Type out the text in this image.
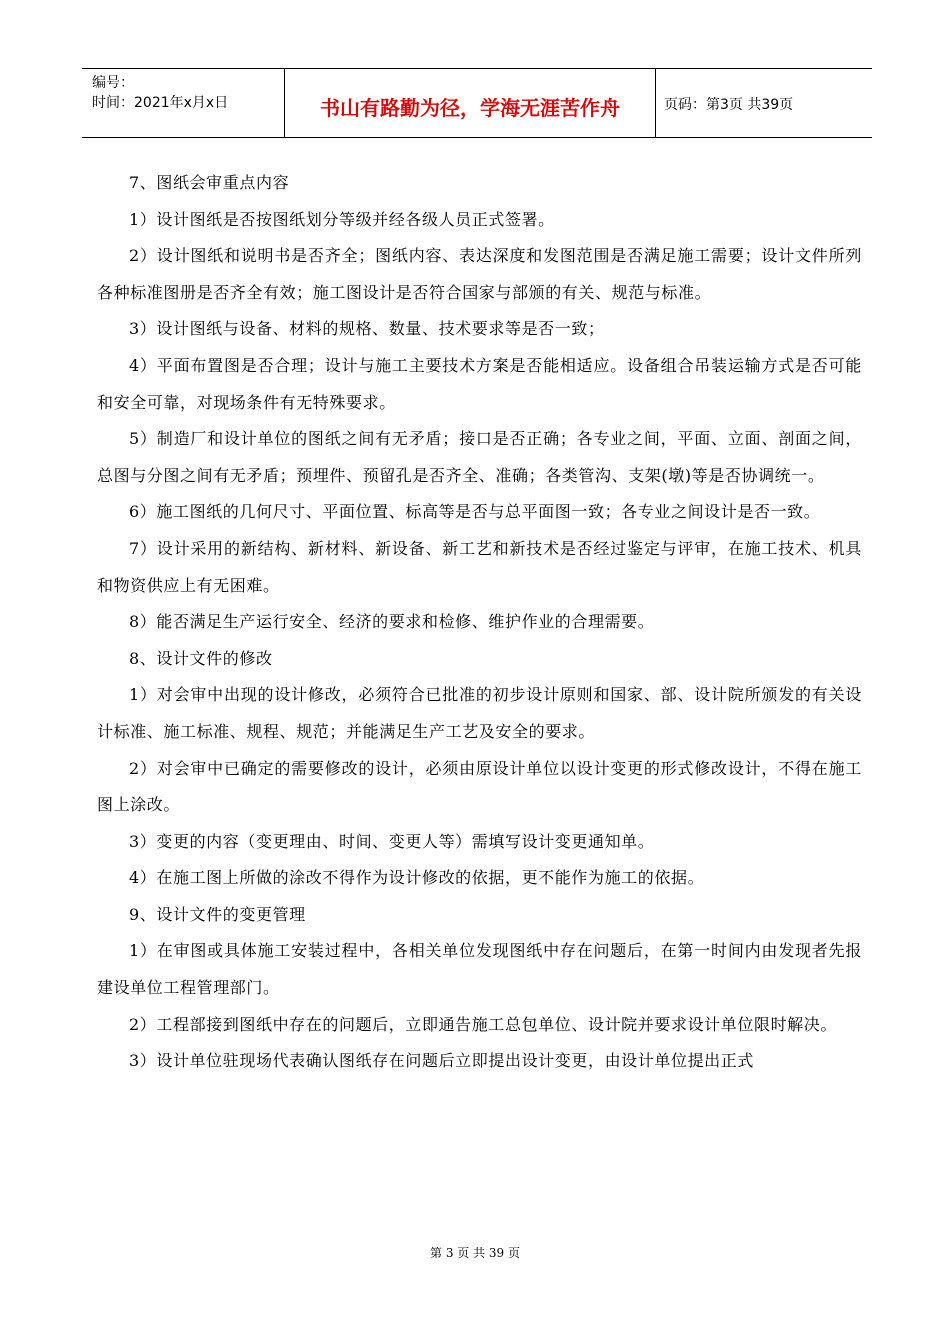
编号：
时间：2021年x月x日	书山有路勤为径，学海无涯苦作舟	页码：第3页 共39页

7、图纸会审重点内容

1）设计图纸是否按图纸划分等级并经各级人员正式签署。

2）设计图纸和说明书是否齐全；图纸内容、表达深度和发图范围是否满足施工需要；设计文件所列各种标准图册是否齐全有效；施工图设计是否符合国家与部颁的有关、规范与标准。

3）设计图纸与设备、材料的规格、数量、技术要求等是否一致；

4）平面布置图是否合理；设计与施工主要技术方案是否能相适应。设备组合吊装运输方式是否可能和安全可靠，对现场条件有无特殊要求。

5）制造厂和设计单位的图纸之间有无矛盾；接口是否正确；各专业之间，平面、立面、剖面之间，总图与分图之间有无矛盾；预埋件、预留孔是否齐全、准确；各类管沟、支架(墩)等是否协调统一。

6）施工图纸的几何尺寸、平面位置、标高等是否与总平面图一致；各专业之间设计是否一致。

7）设计采用的新结构、新材料、新设备、新工艺和新技术是否经过鉴定与评审，在施工技术、机具和物资供应上有无困难。

8）能否满足生产运行安全、经济的要求和检修、维护作业的合理需要。

8、设计文件的修改

1）对会审中出现的设计修改，必须符合已批准的初步设计原则和国家、部、设计院所颁发的有关设计标准、施工标准、规程、规范；并能满足生产工艺及安全的要求。

2）对会审中已确定的需要修改的设计，必须由原设计单位以设计变更的形式修改设计，不得在施工图上涂改。

3）变更的内容（变更理由、时间、变更人等）需填写设计变更通知单。

4）在施工图上所做的涂改不得作为设计修改的依据，更不能作为施工的依据。

9、设计文件的变更管理

1）在审图或具体施工安装过程中，各相关单位发现图纸中存在问题后，在第一时间内由发现者先报建设单位工程管理部门。

2）工程部接到图纸中存在的问题后，立即通告施工总包单位、设计院并要求设计单位限时解决。

3）设计单位驻现场代表确认图纸存在问题后立即提出设计变更，由设计单位提出正式

第 3 页 共 39 页
